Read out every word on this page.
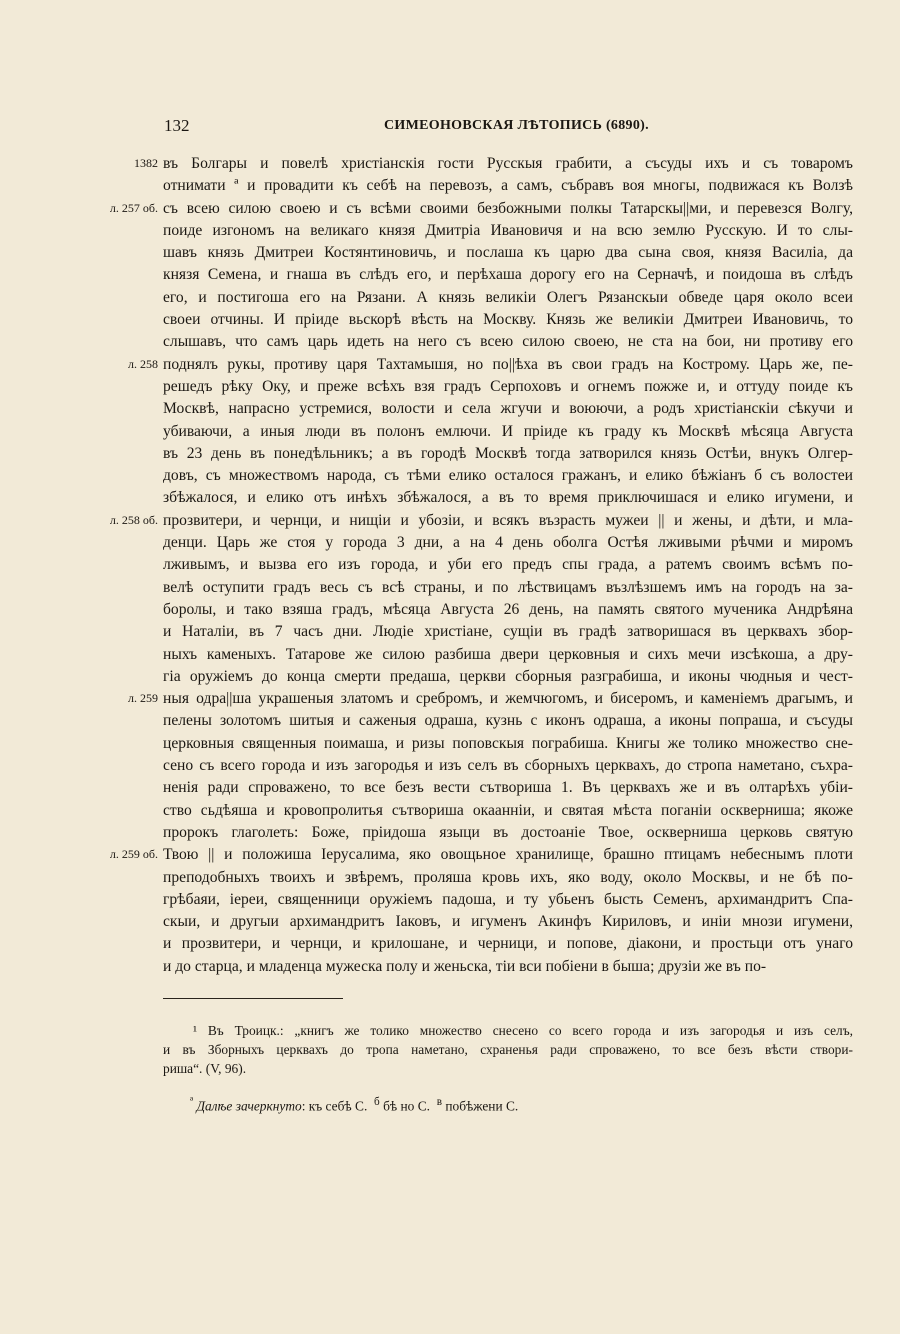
132	СИМЕОНОВСКАЯ ЛѢТОПИСЬ (6890).
1382 въ Болгары и повелѣ христіанскія гости Русскыя грабити, а съсуды ихъ и съ товаромъ
отнимати ª и провадити къ себѣ на перевозъ, а самъ, събравъ воя многы, подвижася къ Волзѣ
л. 257 об. съ всею силою своею и съ всѣми своими безбожными полкы Татарскы||ми, и перевезся Волгу,
поиде изгономъ на великаго князя Дмитріа Ивановичя и на всю землю Русскую. И то слы-
шавъ князь Дмитреи Костянтиновичь, и послаша къ царю два сына своя, князя Василіа, да
князя Семена, и гнаша въ слѣдъ его, и перѣхаша дорогу его на Серначѣ, и поидоша въ слѣдъ
его, и постигоша его на Рязани. А князь великіи Олегъ Рязанскыи обведе царя около всеи
своеи отчины. И пріиде вьскорѣ вѣсть на Москву. Князь же великіи Дмитреи Ивановичь, то
слышавъ, что самъ царь идеть на него съ всею силою своею, не ста на бои, ни противу его
л. 258 поднялъ рукы, противу царя Тахтамышя, но по||ѣха въ свои градъ на Кострому. Царь же, пе-
решедъ рѣку Оку, и преже всѣхъ взя градъ Серпоховъ и огнемъ пожже и, и оттуду поиде къ
Москвѣ, напрасно устремися, волости и села жгучи и воюючи, а родъ христіанскіи сѣкучи и
убиваючи, а иныя люди въ полонъ емлючи. И пріиде къ граду къ Москвѣ мѣсяца Августа
въ 23 день въ понедѣльникъ; а въ городѣ Москвѣ тогда затворился князь Остѣи, внукъ Олгер-
довъ, съ множествомъ народа, съ тѣми елико осталося гражанъ, и елико бѣжіанъ б съ волостеи
збѣжалося, и елико отъ инѣхъ збѣжалося, а въ то время приключишася и елико игумени, и
л. 258 об. прозвитери, и чернци, и нищіи и убозіи, и всякъ възрасть мужеи || и жены, и дѣти, и мла-
денци. Царь же стоя у города 3 дни, а на 4 день оболга Остѣя лживыми рѣчми и миромъ
лживымъ, и вызва его изъ города, и уби его предъ спы града, а ратемъ своимъ всѣмъ по-
велѣ оступити градъ весь съ всѣ страны, и по лѣствицамъ възлѣзшемъ имъ на городъ на за-
боролы, и тако взяша градъ, мѣсяца Августа 26 день, на память святого мученика Андрѣяна
и Наталіи, въ 7 часъ дни. Людіе христіане, сущіи въ градѣ затворишася въ церквахъ збор-
ныхъ каменыхъ. Татарове же силою разбиша двери церковныя и сихъ мечи изсѣкоша, а дру-
гіа оружіемъ до конца смерти предаша, церкви сборныя разграбиша, и иконы чюдныя и чест-
л. 259 ныя одра||ша украшеныя златомъ и сребромъ, и жемчюгомъ, и бисеромъ, и каменіемъ драгымъ, и
пелены золотомъ шитыя и саженыя одраша, кузнь с иконъ одраша, а иконы попраша, и съсуды
церковныя священныя поимаша, и ризы поповскыя пограбиша. Книгы же толико множество сне-
сено съ всего города и изъ загородья и изъ селъ въ сборныхъ церквахъ, до стропа наметано, съхра-
ненія ради спроважено, то все безъ вести сътвориша 1. Въ церквахъ же и въ олтарѣхъ убіи-
ство сьдѣяша и кровопролитья сътвориша окаанніи, и святая мѣста поганіи оскверниша; якоже
пророкъ глаголеть: Боже, пріидоша языци въ достоаніе Твое, оскверниша церковь святую
л. 259 об. Твою || и положиша Іерусалима, яко овощьное хранилище, брашно птицамъ небеснымъ плоти
преподобныхъ твоихъ и звѣремъ, проляша кровь ихъ, яко воду, около Москвы, и не бѣ по-
грѣбаяи, іереи, священници оружіемъ падоша, и ту убьенъ бысть Семенъ, архимандритъ Спа-
скыи, и другыи архимандритъ Іаковъ, и игуменъ Акинфъ Кириловъ, и иніи мнози игумени,
и прозвитери, и чернци, и крилошане, и черници, и попове, діакони, и простьци отъ унаго
и до старца, и младенца мужеска полу и женьска, тіи вси побіени в быша; друзіи же въ по-
¹ Въ Троицк.: „книгъ же толико множество снесено со всего города и изъ загородья и изъ селъ,
и въ Зборныхъ церквахъ до тропа наметано, схраненья ради спроважено, то все безъ вѣсти створи-
риша“. (V, 96).
$^ª$ Далѣе зачеркнуто: къ себѣ С. $^б$ бѣ но С. $^в$ побѣжени С.
